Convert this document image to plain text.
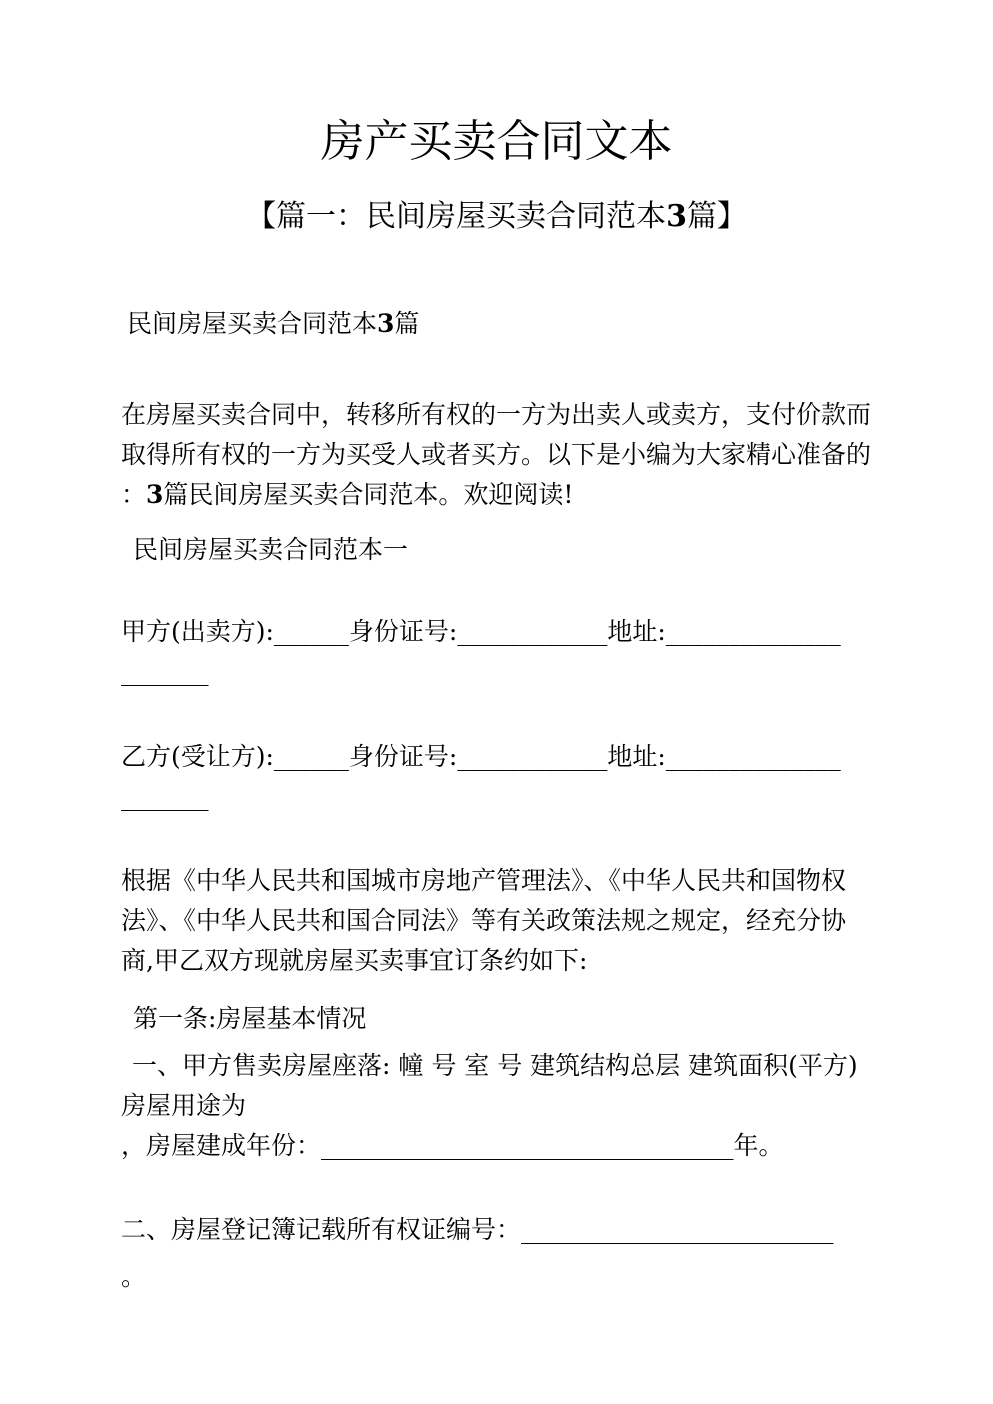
房产买卖合同文本
【篇一：民间房屋买卖合同范本3篇】
民间房屋买卖合同范本3篇
在房屋买卖合同中，转移所有权的一方为出卖人或卖方，支付价款而
取得所有权的一方为买受人或者买方。以下是小编为大家精心准备的
：3篇民间房屋买卖合同范本。欢迎阅读!
民间房屋买卖合同范本一
甲方(出卖方):______身份证号:____________地址:______________
_______
乙方(受让方):______身份证号:____________地址:______________
_______
根据《中华人民共和国城市房地产管理法》、《中华人民共和国物权
法》、《中华人民共和国合同法》等有关政策法规之规定，经充分协
商,甲乙双方现就房屋买卖事宜订条约如下:
第一条:房屋基本情况
一、甲方售卖房屋座落: 幢 号 室 号 建筑结构总层 建筑面积(平方)
房屋用途为
，房屋建成年份：_________________________________年。
二、房屋登记簿记载所有权证编号：_________________________
。
